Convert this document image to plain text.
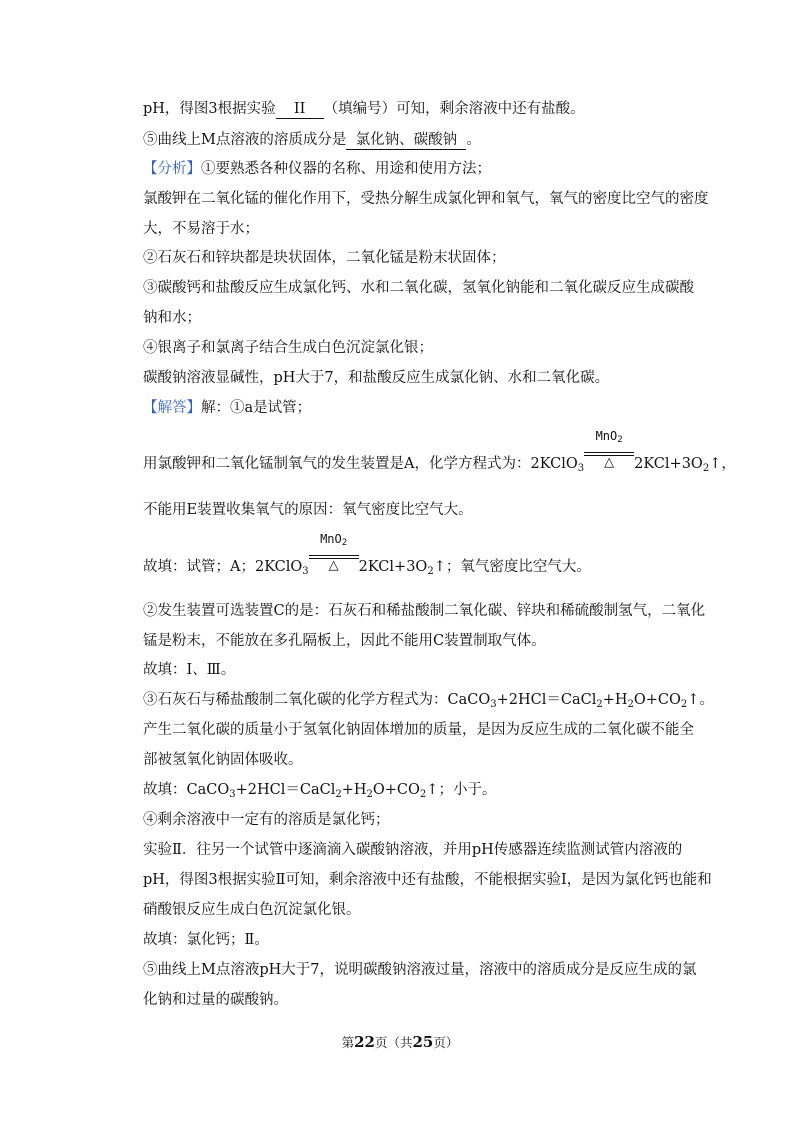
pH，得图3根据实验 II （填编号）可知，剩余溶液中还有盐酸。
⑤曲线上M点溶液的溶质成分是 氯化钠、碳酸钠 。
【分析】①要熟悉各种仪器的名称、用途和使用方法；
氯酸钾在二氧化锰的催化作用下，受热分解生成氯化钾和氧气，氧气的密度比空气的密度
大，不易溶于水；
②石灰石和锌块都是块状固体，二氧化锰是粉末状固体；
③碳酸钙和盐酸反应生成氯化钙、水和二氧化碳，氢氧化钠能和二氧化碳反应生成碳酸
钠和水；
④银离子和氯离子结合生成白色沉淀氯化银；
碳酸钠溶液显碱性，pH大于7，和盐酸反应生成氯化钠、水和二氧化碳。
【解答】解：①a是试管；
用氯酸钾和二氧化锰制氧气的发生装置是A，化学方程式为：2KClO$_3$
MnO2
△	$2KCl+3O_2↑$，
不能用E装置收集氧气的原因：氧气密度比空气大。
故填：试管；A；2KClO$_3$
MnO2
△	$2KCl+3O_2↑$；氧气密度比空气大。
②发生装置可选装置C的是：石灰石和稀盐酸制二氧化碳、锌块和稀硫酸制氢气，二氧化
锰是粉末，不能放在多孔隔板上，因此不能用C装置制取气体。
故填：I、Ⅲ。
③石灰石与稀盐酸制二氧化碳的化学方程式为：$CaCO_3+2HCl=CaCl_2+H_2O+CO_2↑$。
产生二氧化碳的质量小于氢氧化钠固体增加的质量，是因为反应生成的二氧化碳不能全
部被氢氧化钠固体吸收。
故填：$CaCO_3+2HCl=CaCl_2+H_2O+CO_2↑$；小于。
④剩余溶液中一定有的溶质是氯化钙；
实验Ⅱ．往另一个试管中逐滴滴入碳酸钠溶液，并用pH传感器连续监测试管内溶液的
pH，得图3根据实验Ⅱ可知，剩余溶液中还有盐酸，不能根据实验I，是因为氯化钙也能和
硝酸银反应生成白色沉淀氯化银。
故填：氯化钙；Ⅱ。
⑤曲线上M点溶液pH大于7，说明碳酸钠溶液过量，溶液中的溶质成分是反应生成的氯
化钠和过量的碳酸钠。
第22页（共25页）
